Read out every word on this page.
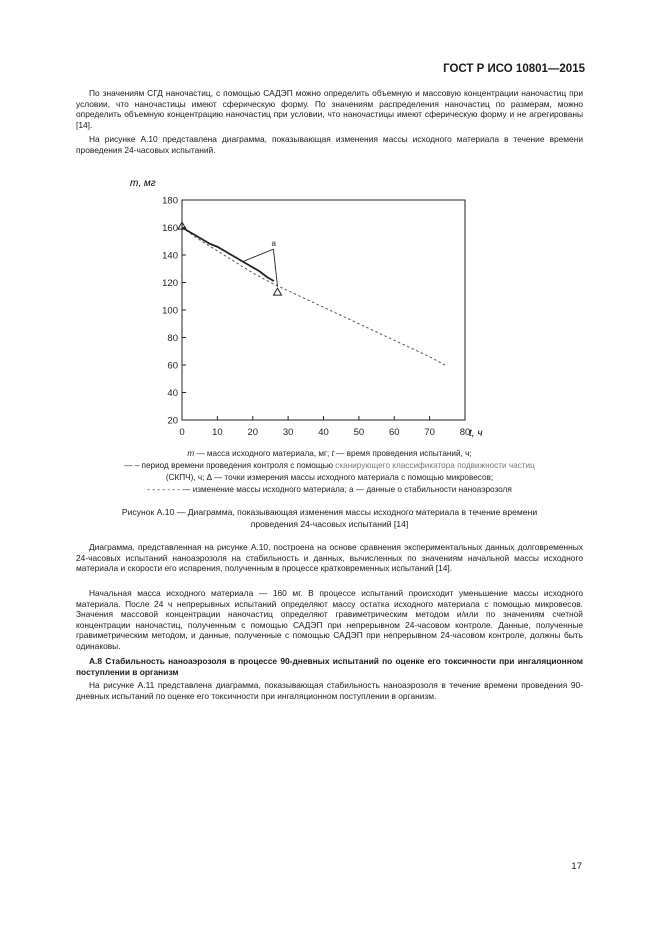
ГОСТ Р ИСО 10801—2015

По значениям СГД наночастиц, с помощью САДЭП можно определить объемную и массовую концентрации наночастиц при условии, что наночастицы имеют сферическую форму. По значениям распределения наночастиц по размерам, можно определить объемную концентрацию наночастиц при условии, что наночастицы имеют сферическую форму и не агрегированы [14].

На рисунке А.10 представлена диаграмма, показывающая изменения массы исходного материала в течение времени проведения 24-часовых испытаний.

20
40
60
80
100
120
140
160
180
0	10	20	30	40	50	60	70	80
а
m, мг
t, ч
m — масса исходного материала, мг; t — время проведения испытаний, ч;
— – период времени проведения контроля с помощью сканирующего классификатора подвижности частиц
(СКПЧ), ч; Δ — точки измерения массы исходного материала с помощью микровесов;
- - - - - - - — изменение массы исходного материала; а — данные о стабильности наноаэрозоля
Рисунок А.10 — Диаграмма, показывающая изменения массы исходного материала в течение времени
проведения 24-часовых испытаний [14]

Диаграмма, представленная на рисунке А.10, построена на основе сравнения экспериментальных данных долговременных 24-часовых испытаний наноаэрозоля на стабильность и данных, вычисленных по значениям начальной массы исходного материала и скорости его испарения, полученным в процессе кратковременных испытаний [14].

Начальная масса исходного материала — 160 мг. В процессе испытаний происходит уменьшение массы исходного материала. После 24 ч непрерывных испытаний определяют массу остатка исходного материала с помощью микровесов. Значения массовой концентрации наночастиц определяют гравиметрическим методом и/или по значениям счетной концентрации наночастиц, полученным с помощью САДЭП при непрерывном 24-часовом контроле. Данные, полученные гравиметрическим методом, и данные, полученные с помощью САДЭП при непрерывном 24-часовом контроле, должны быть одинаковы.

А.8 Стабильность наноаэрозоля в процессе 90-дневных испытаний по оценке его токсичности при ингаляционном поступлении в организм

На рисунке А.11 представлена диаграмма, показывающая стабильность наноаэрозоля в течение времени проведения 90-дневных испытаний по оценке его токсичности при ингаляционном поступлении в организм.

17
